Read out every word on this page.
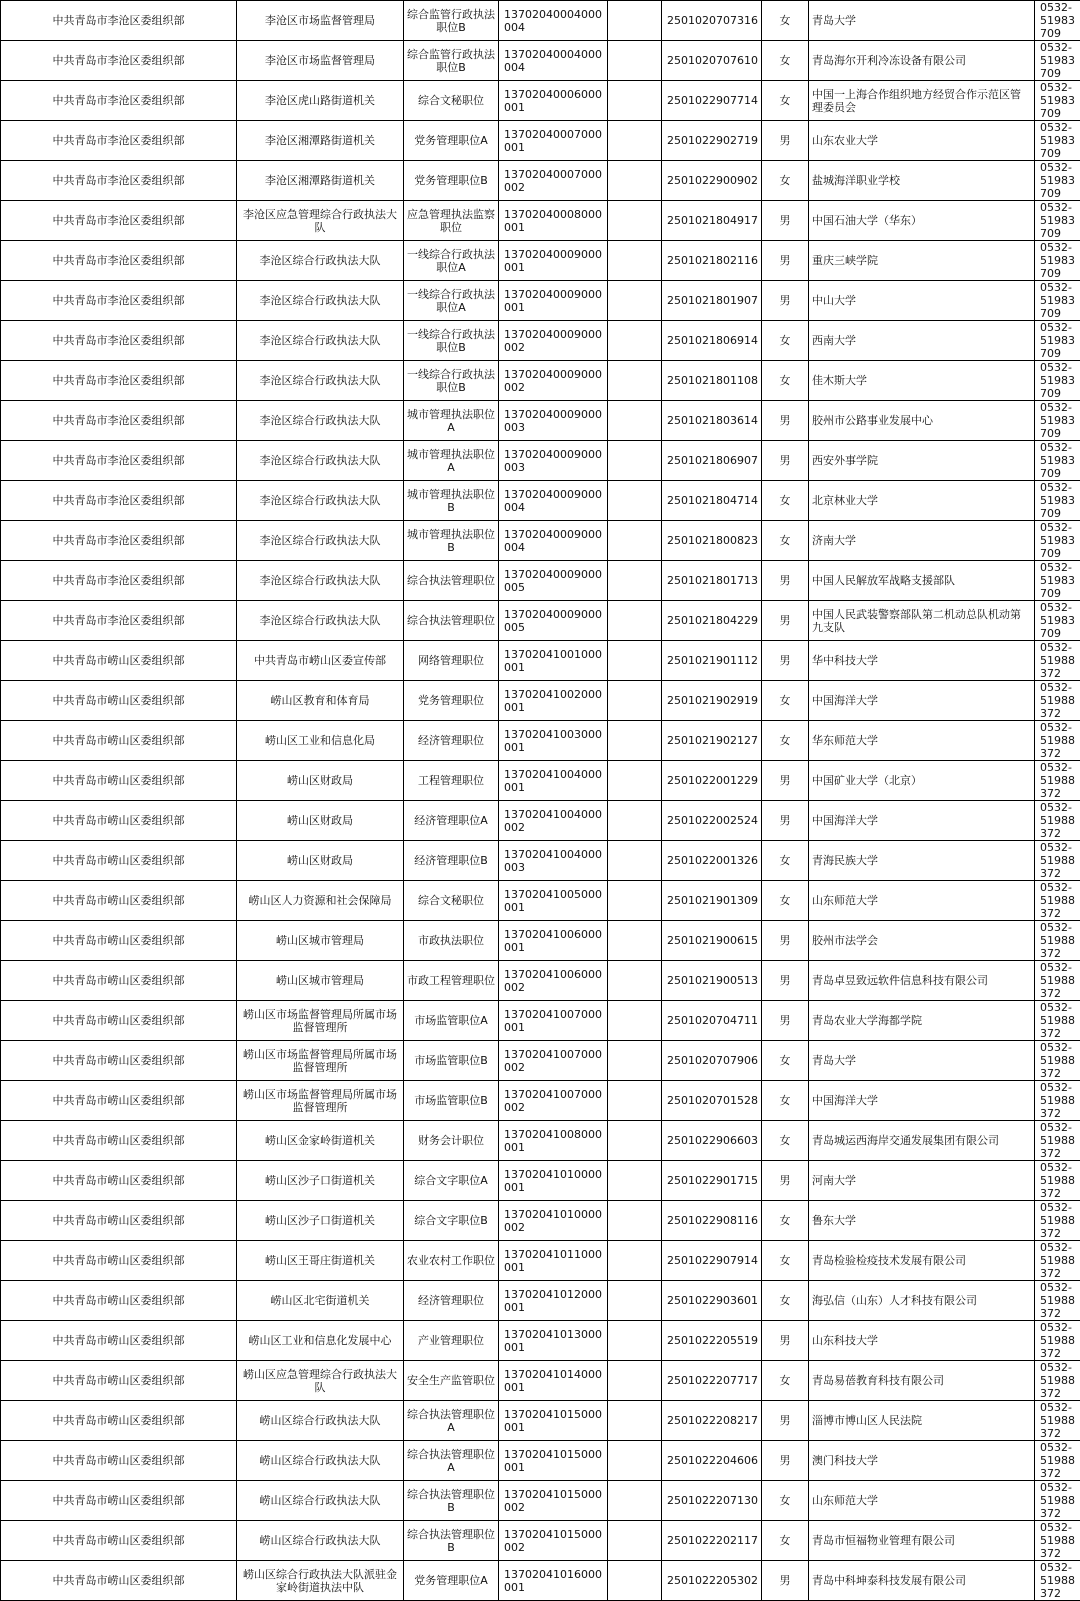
中共青岛市李沧区委组织部	李沧区市场监督管理局	综合监管行政执法职位B	13702040004000004		2501020707316	女	青岛大学	0532-51983709
中共青岛市李沧区委组织部	李沧区市场监督管理局	综合监管行政执法职位B	13702040004000004		2501020707610	女	青岛海尔开利冷冻设备有限公司	0532-51983709
中共青岛市李沧区委组织部	李沧区虎山路街道机关	综合文秘职位	13702040006000001		2501022907714	女	中国一上海合作组织地方经贸合作示范区管理委员会	0532-51983709
中共青岛市李沧区委组织部	李沧区湘潭路街道机关	党务管理职位A	13702040007000001		2501022902719	男	山东农业大学	0532-51983709
中共青岛市李沧区委组织部	李沧区湘潭路街道机关	党务管理职位B	13702040007000002		2501022900902	女	盐城海洋职业学校	0532-51983709
中共青岛市李沧区委组织部	李沧区应急管理综合行政执法大队	应急管理执法监察职位	13702040008000001		2501021804917	男	中国石油大学（华东）	0532-51983709
中共青岛市李沧区委组织部	李沧区综合行政执法大队	一线综合行政执法职位A	13702040009000001		2501021802116	男	重庆三峡学院	0532-51983709
中共青岛市李沧区委组织部	李沧区综合行政执法大队	一线综合行政执法职位A	13702040009000001		2501021801907	男	中山大学	0532-51983709
中共青岛市李沧区委组织部	李沧区综合行政执法大队	一线综合行政执法职位B	13702040009000002		2501021806914	女	西南大学	0532-51983709
中共青岛市李沧区委组织部	李沧区综合行政执法大队	一线综合行政执法职位B	13702040009000002		2501021801108	女	佳木斯大学	0532-51983709
中共青岛市李沧区委组织部	李沧区综合行政执法大队	城市管理执法职位A	13702040009000003		2501021803614	男	胶州市公路事业发展中心	0532-51983709
中共青岛市李沧区委组织部	李沧区综合行政执法大队	城市管理执法职位A	13702040009000003		2501021806907	男	西安外事学院	0532-51983709
中共青岛市李沧区委组织部	李沧区综合行政执法大队	城市管理执法职位B	13702040009000004		2501021804714	女	北京林业大学	0532-51983709
中共青岛市李沧区委组织部	李沧区综合行政执法大队	城市管理执法职位B	13702040009000004		2501021800823	女	济南大学	0532-51983709
中共青岛市李沧区委组织部	李沧区综合行政执法大队	综合执法管理职位	13702040009000005		2501021801713	男	中国人民解放军战略支援部队	0532-51983709
中共青岛市李沧区委组织部	李沧区综合行政执法大队	综合执法管理职位	13702040009000005		2501021804229	男	中国人民武装警察部队第二机动总队机动第九支队	0532-51983709
中共青岛市崂山区委组织部	中共青岛市崂山区委宣传部	网络管理职位	13702041001000001		2501021901112	男	华中科技大学	0532-51988372
中共青岛市崂山区委组织部	崂山区教育和体育局	党务管理职位	13702041002000001		2501021902919	女	中国海洋大学	0532-51988372
中共青岛市崂山区委组织部	崂山区工业和信息化局	经济管理职位	13702041003000001		2501021902127	女	华东师范大学	0532-51988372
中共青岛市崂山区委组织部	崂山区财政局	工程管理职位	13702041004000001		2501022001229	男	中国矿业大学（北京）	0532-51988372
中共青岛市崂山区委组织部	崂山区财政局	经济管理职位A	13702041004000002		2501022002524	男	中国海洋大学	0532-51988372
中共青岛市崂山区委组织部	崂山区财政局	经济管理职位B	13702041004000003		2501022001326	女	青海民族大学	0532-51988372
中共青岛市崂山区委组织部	崂山区人力资源和社会保障局	综合文秘职位	13702041005000001		2501021901309	女	山东师范大学	0532-51988372
中共青岛市崂山区委组织部	崂山区城市管理局	市政执法职位	13702041006000001		2501021900615	男	胶州市法学会	0532-51988372
中共青岛市崂山区委组织部	崂山区城市管理局	市政工程管理职位	13702041006000002		2501021900513	男	青岛卓昱致远软件信息科技有限公司	0532-51988372
中共青岛市崂山区委组织部	崂山区市场监督管理局所属市场监督管理所	市场监管职位A	13702041007000001		2501020704711	男	青岛农业大学海都学院	0532-51988372
中共青岛市崂山区委组织部	崂山区市场监督管理局所属市场监督管理所	市场监管职位B	13702041007000002		2501020707906	女	青岛大学	0532-51988372
中共青岛市崂山区委组织部	崂山区市场监督管理局所属市场监督管理所	市场监管职位B	13702041007000002		2501020701528	女	中国海洋大学	0532-51988372
中共青岛市崂山区委组织部	崂山区金家岭街道机关	财务会计职位	13702041008000001		2501022906603	女	青岛城运西海岸交通发展集团有限公司	0532-51988372
中共青岛市崂山区委组织部	崂山区沙子口街道机关	综合文字职位A	13702041010000001		2501022901715	男	河南大学	0532-51988372
中共青岛市崂山区委组织部	崂山区沙子口街道机关	综合文字职位B	13702041010000002		2501022908116	女	鲁东大学	0532-51988372
中共青岛市崂山区委组织部	崂山区王哥庄街道机关	农业农村工作职位	13702041011000001		2501022907914	女	青岛检验检疫技术发展有限公司	0532-51988372
中共青岛市崂山区委组织部	崂山区北宅街道机关	经济管理职位	13702041012000001		2501022903601	女	海弘信（山东）人才科技有限公司	0532-51988372
中共青岛市崂山区委组织部	崂山区工业和信息化发展中心	产业管理职位	13702041013000001		2501022205519	男	山东科技大学	0532-51988372
中共青岛市崂山区委组织部	崂山区应急管理综合行政执法大队	安全生产监管职位	13702041014000001		2501022207717	女	青岛易蓓教育科技有限公司	0532-51988372
中共青岛市崂山区委组织部	崂山区综合行政执法大队	综合执法管理职位A	13702041015000001		2501022208217	男	淄博市博山区人民法院	0532-51988372
中共青岛市崂山区委组织部	崂山区综合行政执法大队	综合执法管理职位A	13702041015000001		2501022204606	男	澳门科技大学	0532-51988372
中共青岛市崂山区委组织部	崂山区综合行政执法大队	综合执法管理职位B	13702041015000002		2501022207130	女	山东师范大学	0532-51988372
中共青岛市崂山区委组织部	崂山区综合行政执法大队	综合执法管理职位B	13702041015000002		2501022202117	女	青岛市恒福物业管理有限公司	0532-51988372
中共青岛市崂山区委组织部	崂山区综合行政执法大队派驻金家岭街道执法中队	党务管理职位A	13702041016000001		2501022205302	男	青岛中科坤泰科技发展有限公司	0532-51988372
